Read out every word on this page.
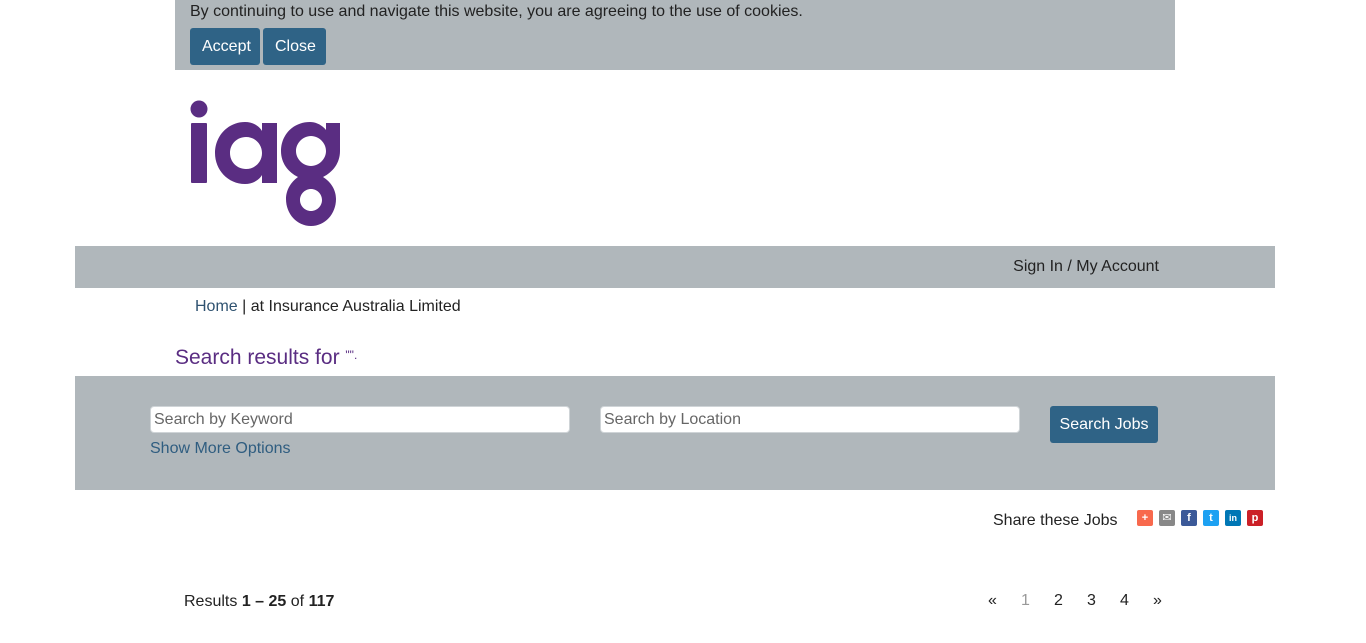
By continuing to use and navigate this website, you are agreeing to the use of cookies.
Accept	Close
Sign In / My Account
Home | at Insurance Australia Limited
Search results for "".
Search by Keyword
Search by Location
Search Jobs
Show More Options
Share these Jobs	+	✉	f	t	in	p
Results 1 – 25 of 117	«	1	2	3	4	»
